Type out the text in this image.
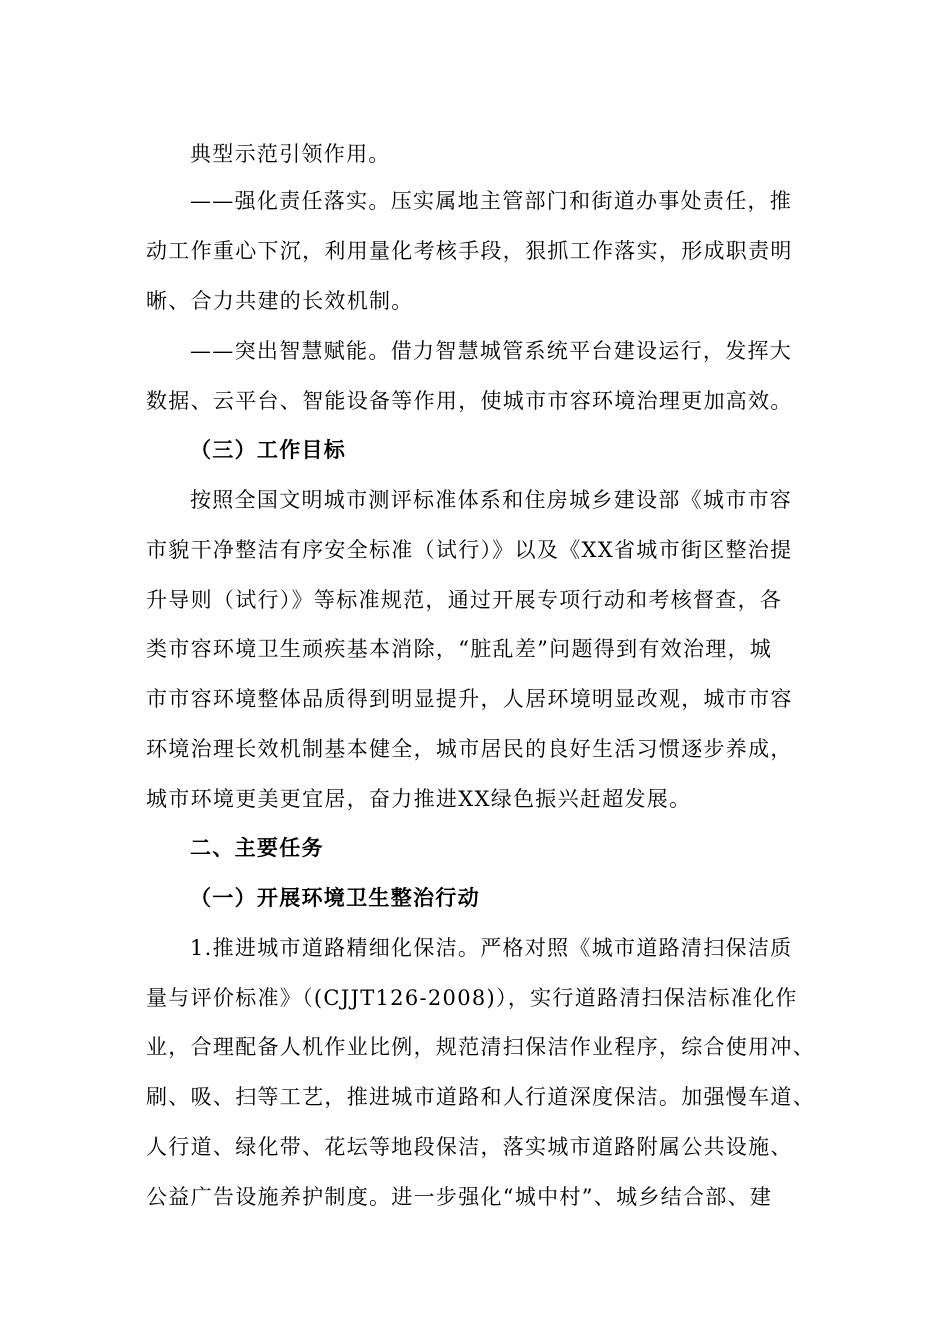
典型示范引领作用。
——强化责任落实。压实属地主管部门和街道办事处责任，推
动工作重心下沉，利用量化考核手段，狠抓工作落实，形成职责明
晰、合力共建的长效机制。
——突出智慧赋能。借力智慧城管系统平台建设运行，发挥大
数据、云平台、智能设备等作用，使城市市容环境治理更加高效。
（三）工作目标
按照全国文明城市测评标准体系和住房城乡建设部《城市市容
市貌干净整洁有序安全标准（试行）》以及《XX省城市街区整治提
升导则（试行）》等标准规范，通过开展专项行动和考核督查，各
类市容环境卫生顽疾基本消除，“脏乱差”问题得到有效治理，城
市市容环境整体品质得到明显提升，人居环境明显改观，城市市容
环境治理长效机制基本健全，城市居民的良好生活习惯逐步养成，
城市环境更美更宜居，奋力推进XX绿色振兴赶超发展。
二、主要任务
（一）开展环境卫生整治行动
1.推进城市道路精细化保洁。严格对照《城市道路清扫保洁质
量与评价标准》（(CJJT126-2008)），实行道路清扫保洁标准化作
业，合理配备人机作业比例，规范清扫保洁作业程序，综合使用冲、
刷、吸、扫等工艺，推进城市道路和人行道深度保洁。加强慢车道、
人行道、绿化带、花坛等地段保洁，落实城市道路附属公共设施、
公益广告设施养护制度。进一步强化“城中村”、城乡结合部、建
